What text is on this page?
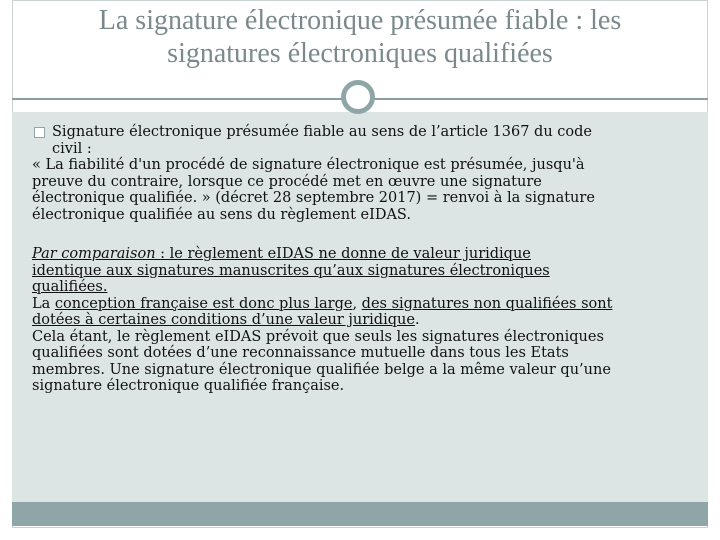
La signature électronique présumée fiable : les
signatures électroniques qualifiées

Signature électronique présumée fiable au sens de l’article 1367 du code

civil :

« La fiabilité d'un procédé de signature électronique est présumée, jusqu'à

preuve du contraire, lorsque ce procédé met en œuvre une signature

électronique qualifiée. » (décret 28 septembre 2017) = renvoi à la signature

électronique qualifiée au sens du règlement eIDAS.

Par comparaison : le règlement eIDAS ne donne de valeur juridique

identique aux signatures manuscrites qu’aux signatures électroniques

qualifiées.

La conception française est donc plus large, des signatures non qualifiées sont

dotées à certaines conditions d’une valeur juridique.

Cela étant, le règlement eIDAS prévoit que seuls les signatures électroniques

qualifiées sont dotées d’une reconnaissance mutuelle dans tous les Etats

membres. Une signature électronique qualifiée belge a la même valeur qu’une

signature électronique qualifiée française.
